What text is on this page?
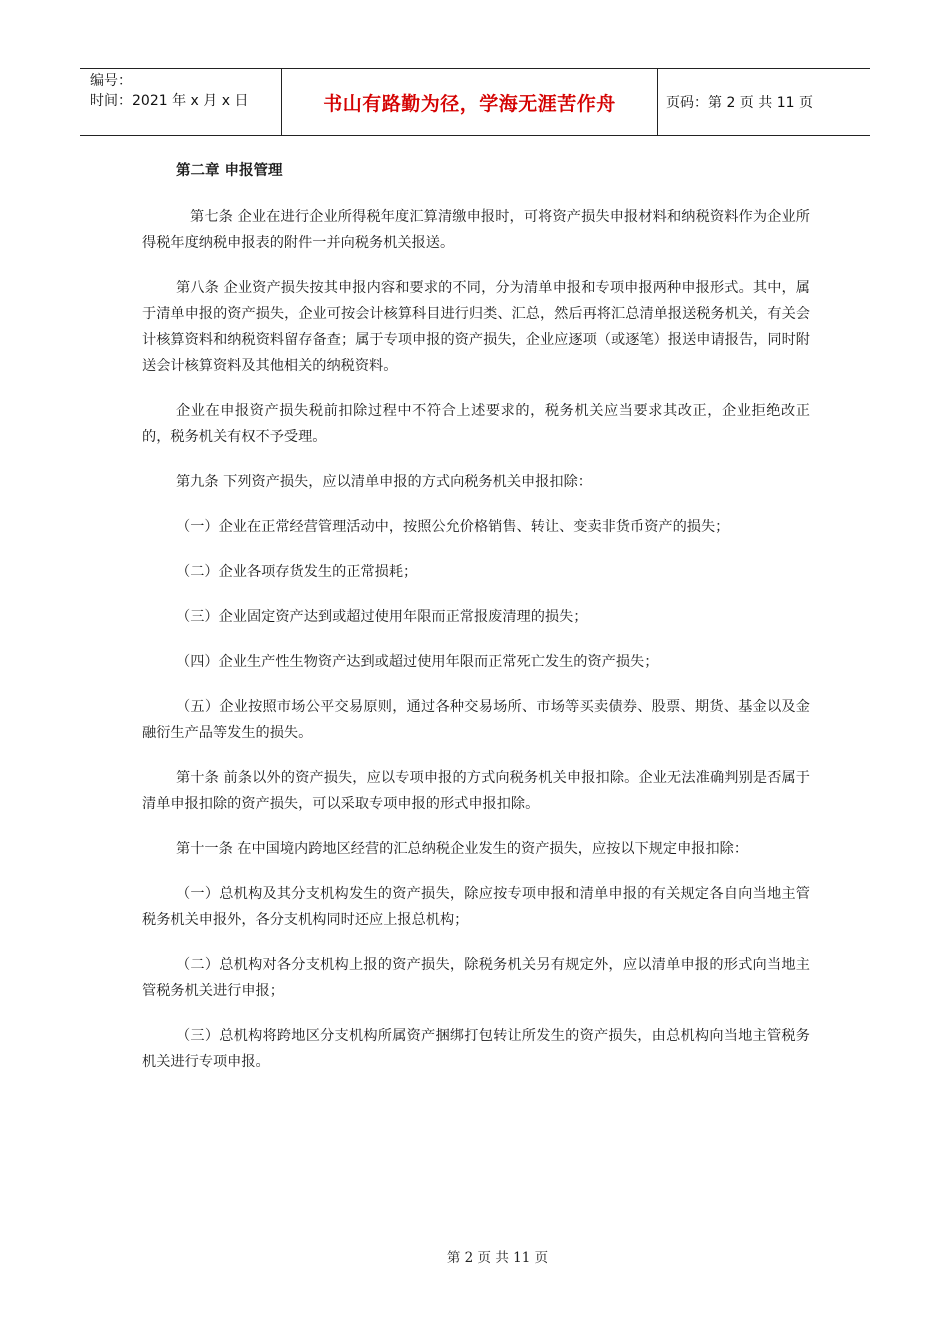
编号：
时间：2021 年 x 月 x 日	书山有路勤为径，学海无涯苦作舟	页码：第 2 页 共 11 页
第二章 申报管理

第七条 企业在进行企业所得税年度汇算清缴申报时，可将资产损失申报材料和纳税资料作为企业所得税年度纳税申报表的附件一并向税务机关报送。

第八条 企业资产损失按其申报内容和要求的不同，分为清单申报和专项申报两种申报形式。其中，属于清单申报的资产损失，企业可按会计核算科目进行归类、汇总，然后再将汇总清单报送税务机关，有关会计核算资料和纳税资料留存备查；属于专项申报的资产损失，企业应逐项（或逐笔）报送申请报告，同时附送会计核算资料及其他相关的纳税资料。

企业在申报资产损失税前扣除过程中不符合上述要求的，税务机关应当要求其改正，企业拒绝改正的，税务机关有权不予受理。

第九条 下列资产损失，应以清单申报的方式向税务机关申报扣除：

（一）企业在正常经营管理活动中，按照公允价格销售、转让、变卖非货币资产的损失；

（二）企业各项存货发生的正常损耗；

（三）企业固定资产达到或超过使用年限而正常报废清理的损失；

（四）企业生产性生物资产达到或超过使用年限而正常死亡发生的资产损失；

（五）企业按照市场公平交易原则，通过各种交易场所、市场等买卖债券、股票、期货、基金以及金融衍生产品等发生的损失。

第十条 前条以外的资产损失，应以专项申报的方式向税务机关申报扣除。企业无法准确判别是否属于清单申报扣除的资产损失，可以采取专项申报的形式申报扣除。

第十一条 在中国境内跨地区经营的汇总纳税企业发生的资产损失，应按以下规定申报扣除：

（一）总机构及其分支机构发生的资产损失，除应按专项申报和清单申报的有关规定各自向当地主管税务机关申报外，各分支机构同时还应上报总机构；

（二）总机构对各分支机构上报的资产损失，除税务机关另有规定外，应以清单申报的形式向当地主管税务机关进行申报；

（三）总机构将跨地区分支机构所属资产捆绑打包转让所发生的资产损失，由总机构向当地主管税务机关进行专项申报。

第 2 页 共 11 页
